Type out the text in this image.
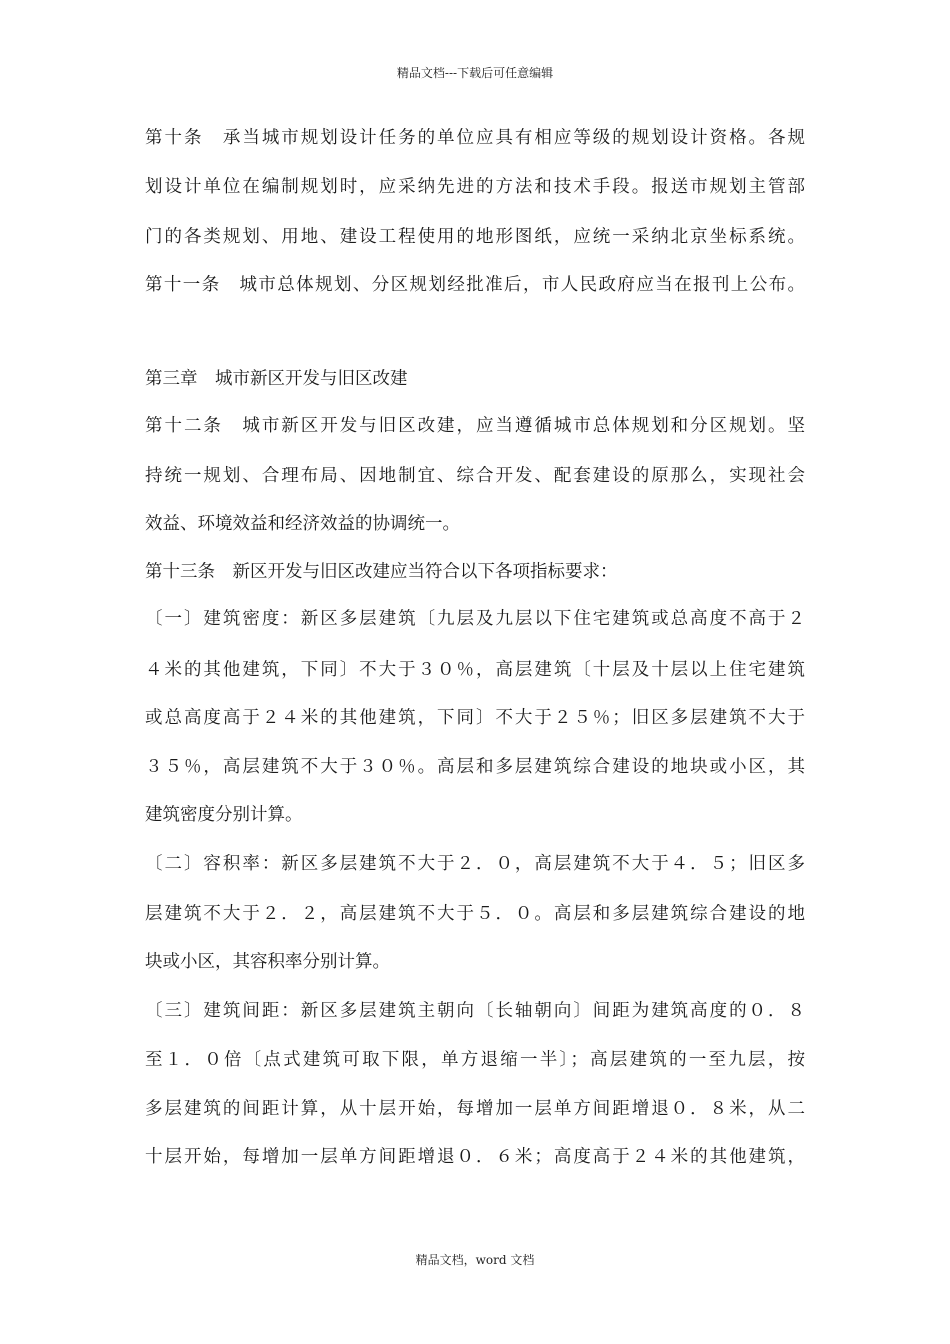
精品文档---下载后可任意编辑
第十条　承当城市规划设计任务的单位应具有相应等级的规划设计资格。各规
划设计单位在编制规划时，应采纳先进的方法和技术手段。报送市规划主管部
门的各类规划、用地、建设工程使用的地形图纸，应统一采纳北京坐标系统。
第十一条　城市总体规划、分区规划经批准后，市人民政府应当在报刊上公布。
第三章　城市新区开发与旧区改建
第十二条　城市新区开发与旧区改建，应当遵循城市总体规划和分区规划。坚
持统一规划、合理布局、因地制宜、综合开发、配套建设的原那么，实现社会
效益、环境效益和经济效益的协调统一。
第十三条　新区开发与旧区改建应当符合以下各项指标要求：
〔一〕建筑密度：新区多层建筑〔九层及九层以下住宅建筑或总高度不高于２
４米的其他建筑，下同〕不大于３０％，高层建筑〔十层及十层以上住宅建筑
或总高度高于２４米的其他建筑，下同〕不大于２５％；旧区多层建筑不大于
３５％，高层建筑不大于３０％。高层和多层建筑综合建设的地块或小区，其
建筑密度分别计算。
〔二〕容积率：新区多层建筑不大于２．０，高层建筑不大于４．５；旧区多
层建筑不大于２．２，高层建筑不大于５．０。高层和多层建筑综合建设的地
块或小区，其容积率分别计算。
〔三〕建筑间距：新区多层建筑主朝向〔长轴朝向〕间距为建筑高度的０．８
至１．０倍〔点式建筑可取下限，单方退缩一半〕；高层建筑的一至九层，按
多层建筑的间距计算，从十层开始，每增加一层单方间距增退０．８米，从二
十层开始，每增加一层单方间距增退０．６米；高度高于２４米的其他建筑，
精品文档，word 文档
